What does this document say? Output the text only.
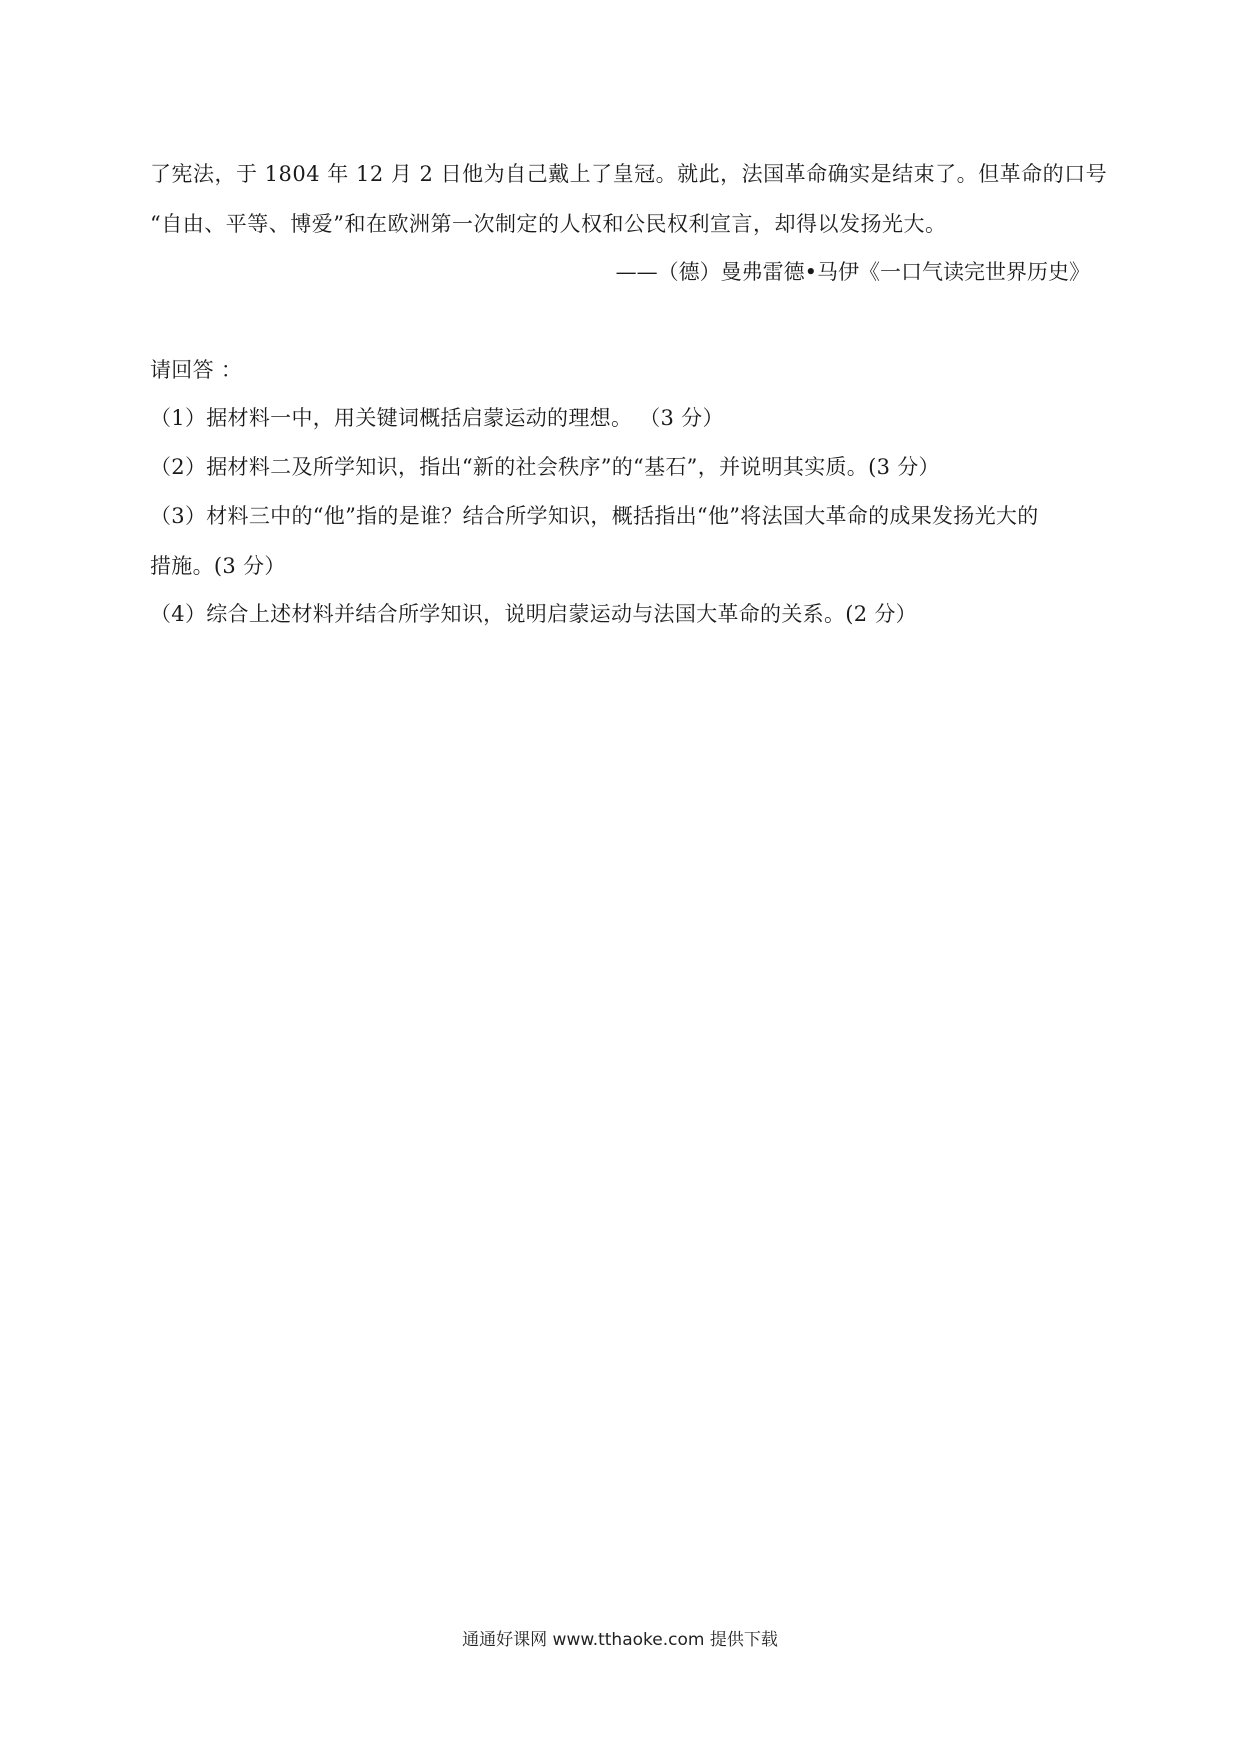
了宪法，于 1804 年 12 月 2 日他为自己戴上了皇冠。就此，法国革命确实是结束了。但革命的口号
“自由、平等、博爱”和在欧洲第一次制定的人权和公民权利宣言，却得以发扬光大。
——（德）曼弗雷德•马伊《一口气读完世界历史》
请回答 ：
（1）据材料一中，用关键词概括启蒙运动的理想。 （3 分）
（2）据材料二及所学知识，指出“新的社会秩序”的“基石”，并说明其实质。(3 分）
（3）材料三中的“他”指的是谁？结合所学知识，概括指出“他”将法国大革命的成果发扬光大的
措施。(3 分）
（4）综合上述材料并结合所学知识，说明启蒙运动与法国大革命的关系。(2 分）
通通好课网 www.tthaoke.com 提供下载
